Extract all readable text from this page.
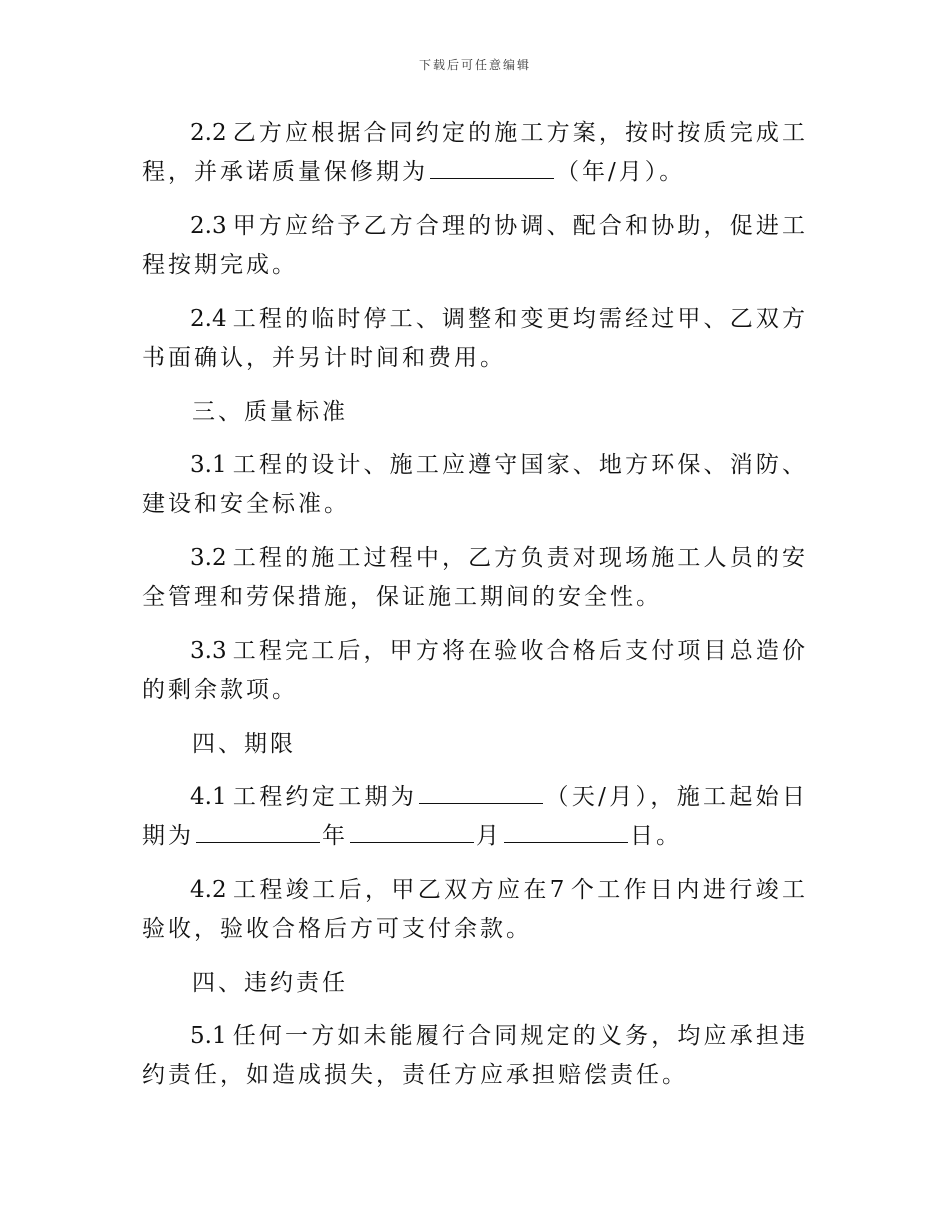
下载后可任意编辑

2.2 乙方应根据合同约定的施工方案，按时按质完成工程，并承诺质量保修期为	（年/月）。

2.3 甲方应给予乙方合理的协调、配合和协助，促进工程按期完成。

2.4 工程的临时停工、调整和变更均需经过甲、乙双方书面确认，并另计时间和费用。

三、质量标准

3.1 工程的设计、施工应遵守国家、地方环保、消防、建设和安全标准。

3.2 工程的施工过程中，乙方负责对现场施工人员的安全管理和劳保措施，保证施工期间的安全性。

3.3 工程完工后，甲方将在验收合格后支付项目总造价的剩余款项。

四、期限

4.1 工程约定工期为	（天/月），施工起始日期为	年	月	日。

4.2 工程竣工后，甲乙双方应在7 个工作日内进行竣工验收，验收合格后方可支付余款。

四、违约责任

5.1 任何一方如未能履行合同规定的义务，均应承担违约责任，如造成损失，责任方应承担赔偿责任。
